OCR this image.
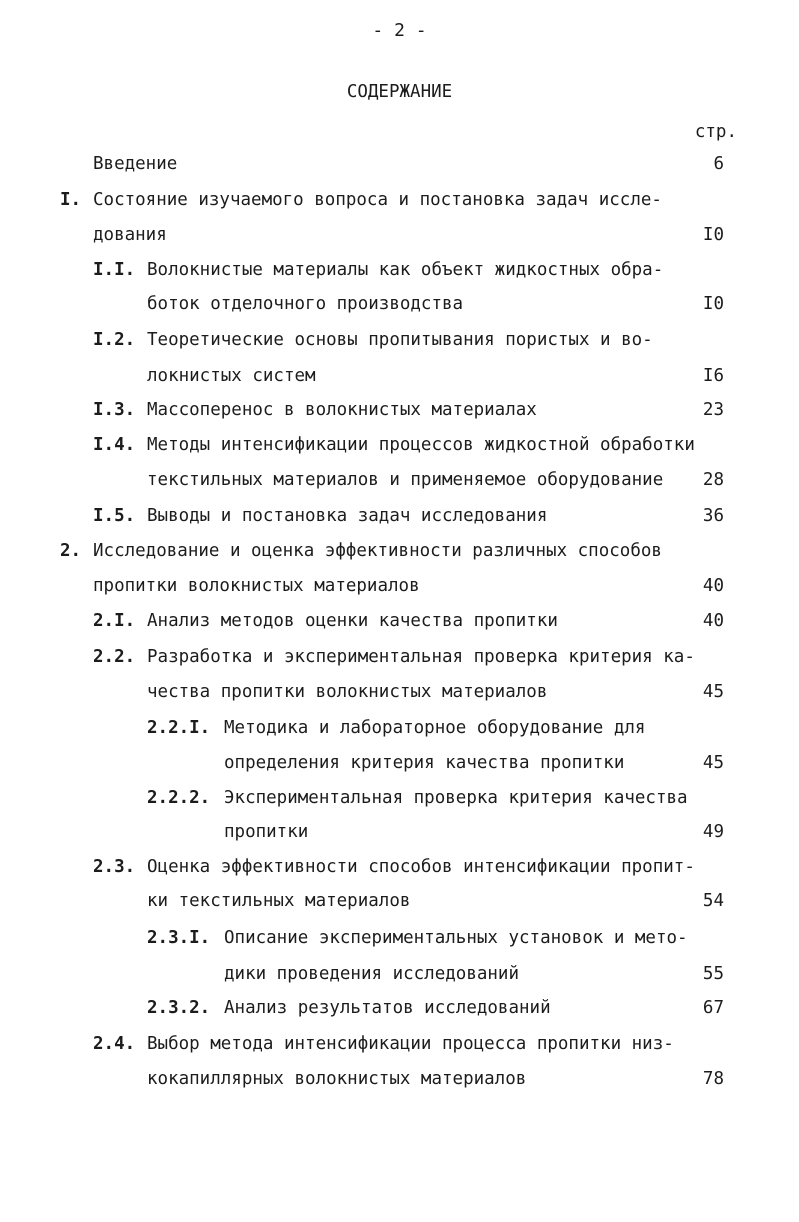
- 2 -
СОДЕРЖАНИЕ
стр.
Введение	6
I. Состояние изучаемого вопроса и постановка задач иссле-
дования	I0
I.I. Волокнистые материалы как объект жидкостных обра-
боток отделочного производства	I0
I.2. Теоретические основы пропитывания пористых и во-
локнистых систем	I6
I.3. Массоперенос в волокнистых материалах	23
I.4. Методы интенсификации процессов жидкостной обработки
текстильных материалов и применяемое оборудование 28
I.5. Выводы и постановка задач исследования	36
2. Исследование и оценка эффективности различных способов
пропитки волокнистых материалов	40
2.I. Анализ методов оценки качества пропитки	40
2.2. Разработка и экспериментальная проверка критерия ка-
чества пропитки волокнистых материалов	45
2.2.I. Методика и лабораторное оборудование для
определения критерия качества пропитки	45
2.2.2. Экспериментальная проверка критерия качества
пропитки	49
2.3. Оценка эффективности способов интенсификации пропит-
ки текстильных материалов	54
2.3.I. Описание экспериментальных установок и мето-
дики проведения исследований	55
2.3.2. Анализ результатов исследований	67
2.4. Выбор метода интенсификации процесса пропитки низ-
кокапиллярных волокнистых материалов	78
